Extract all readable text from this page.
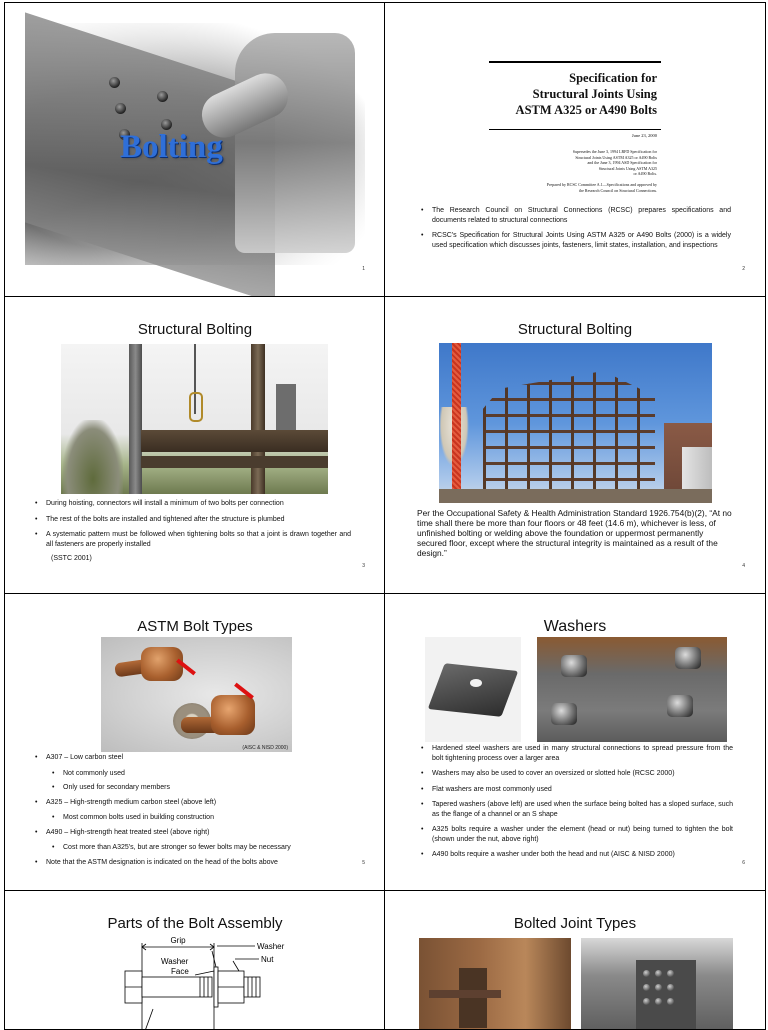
Bolting
1
Specification for
Structural Joints Using
ASTM A325 or A490 Bolts
June 23, 2000
Supersedes the June 3, 1994 LRFD Specification for
Structural Joints Using ASTM A325 or A490 Bolts
and the June 3, 1994 ASD Specification for
Structural Joints Using ASTM A325
or A490 Bolts.
Prepared by RCSC Committee A.1—Specifications and approved by
the Research Council on Structural Connections.
• The Research Council on Structural Connections (RCSC) prepares specifications and documents related to structural connections
• RCSC's Specification for Structural Joints Using ASTM A325 or A490 Bolts (2000) is a widely used specification which discusses joints, fasteners, limit states, installation, and inspections
2
Structural Bolting
• During hoisting, connectors will install a minimum of two bolts per connection
• The rest of the bolts are installed and tightened after the structure is plumbed
• A systematic pattern must be followed when tightening bolts so that a joint is drawn together and all fasteners are properly installed
(SSTC 2001)
3
Structural Bolting
Per the Occupational Safety & Health Administration Standard 1926.754(b)(2), “At no time shall there be more than four floors or 48 feet (14.6 m), whichever is less, of unfinished bolting or welding above the foundation or uppermost permanently secured floor, except where the structural integrity is maintained as a result of the design.”
4
ASTM Bolt Types
(AISC & NISD 2000)
• A307 – Low carbon steel
• Not commonly used
• Only used for secondary members
• A325 – High-strength medium carbon steel (above left)
• Most common bolts used in building construction
• A490 – High-strength heat treated steel (above right)
• Cost more than A325's, but are stronger so fewer bolts may be necessary
• Note that the ASTM designation is indicated on the head of the bolts above	5
Washers
• Hardened steel washers are used in many structural connections to spread pressure from the bolt tightening process over a larger area
• Washers may also be used to cover an oversized or slotted hole (RCSC 2000)
• Flat washers are most commonly used
• Tapered washers (above left) are used when the surface being bolted has a sloped surface, such as the flange of a channel or an S shape
• A325 bolts require a washer under the element (head or nut) being turned to tighten the bolt (shown under the nut, above right)
• A490 bolts require a washer under both the head and nut (AISC & NISD 2000)
6
Parts of the Bolt Assembly
Grip
Washer
Washer
Face
Nut
Bolted Joint Types
